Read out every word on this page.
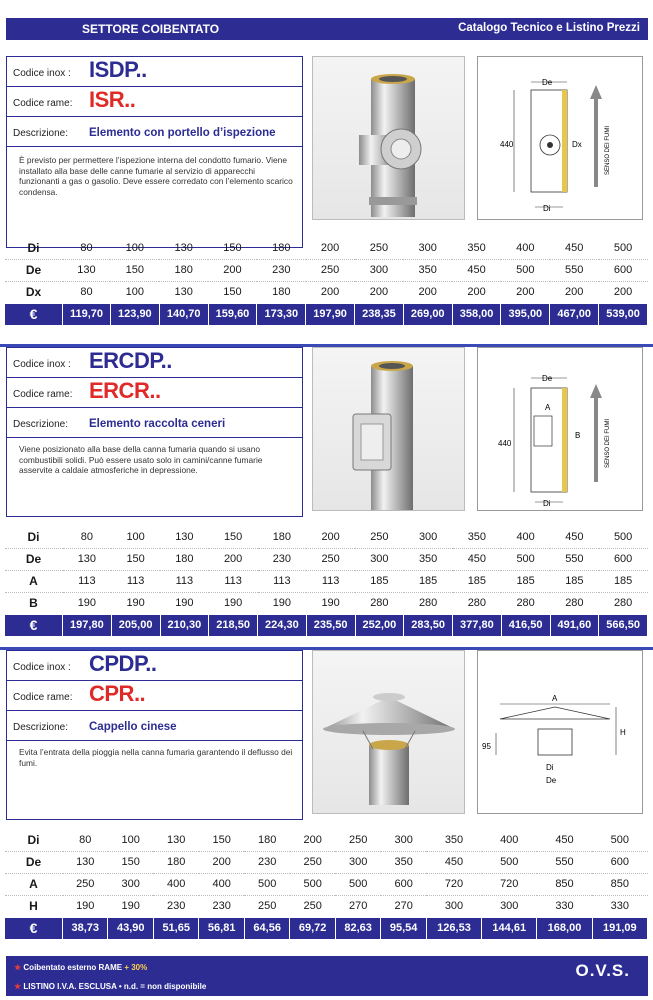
SETTORE COIBENTATO	Catalogo Tecnico e Listino Prezzi
Codice inox : ISDP..
Codice rame: ISR..
Descrizione: Elemento con portello d’ispezione
È previsto per permettere l’ispezione interna del condotto fumario. Viene installato alla base delle canne fumarie al servizio di apparecchi funzionanti a gas o gasolio. Deve essere corredato con l’elemento scarico condensa.
De
440	Dx
Di
SENSO DEI FUMI
Di	80	100	130	150	180	200	250	300	350	400	450	500
De	130	150	180	200	230	250	300	350	450	500	550	600
Dx	80	100	130	150	180	200	200	200	200	200	200	200
€	119,70	123,90	140,70	159,60	173,30	197,90	238,35	269,00	358,00	395,00	467,00	539,00
Codice inox : ERCDP..
Codice rame: ERCR..
Descrizione: Elemento raccolta ceneri
Viene posizionato alla base della canna fumaria quando si usano combustibili solidi. Può essere usato solo in camini/canne fumarie asservite a caldaie atmosferiche in depressione.
De
440
A
B
Di
SENSO DEI FUMI
Di	80	100	130	150	180	200	250	300	350	400	450	500
De	130	150	180	200	230	250	300	350	450	500	550	600
A	113	113	113	113	113	113	185	185	185	185	185	185
B	190	190	190	190	190	190	280	280	280	280	280	280
€	197,80	205,00	210,30	218,50	224,30	235,50	252,00	283,50	377,80	416,50	491,60	566,50
Codice inox : CPDP..
Codice rame: CPR..
Descrizione: Cappello cinese
Evita l’entrata della pioggia nella canna fumaria garantendo il deflusso dei fumi.
A
95
H
Di
De
Di	80	100	130	150	180	200	250	300	350	400	450	500
De	130	150	180	200	230	250	300	350	450	500	550	600
A	250	300	400	400	500	500	500	600	720	720	850	850
H	190	190	230	230	250	250	270	270	300	300	330	330
€	38,73	43,90	51,65	56,81	64,56	69,72	82,63	95,54	126,53	144,61	168,00	191,09
★ Coibentato esterno RAME + 30%
★ LISTINO I.V.A. ESCLUSA • n.d. = non disponibile
O.V.S.
